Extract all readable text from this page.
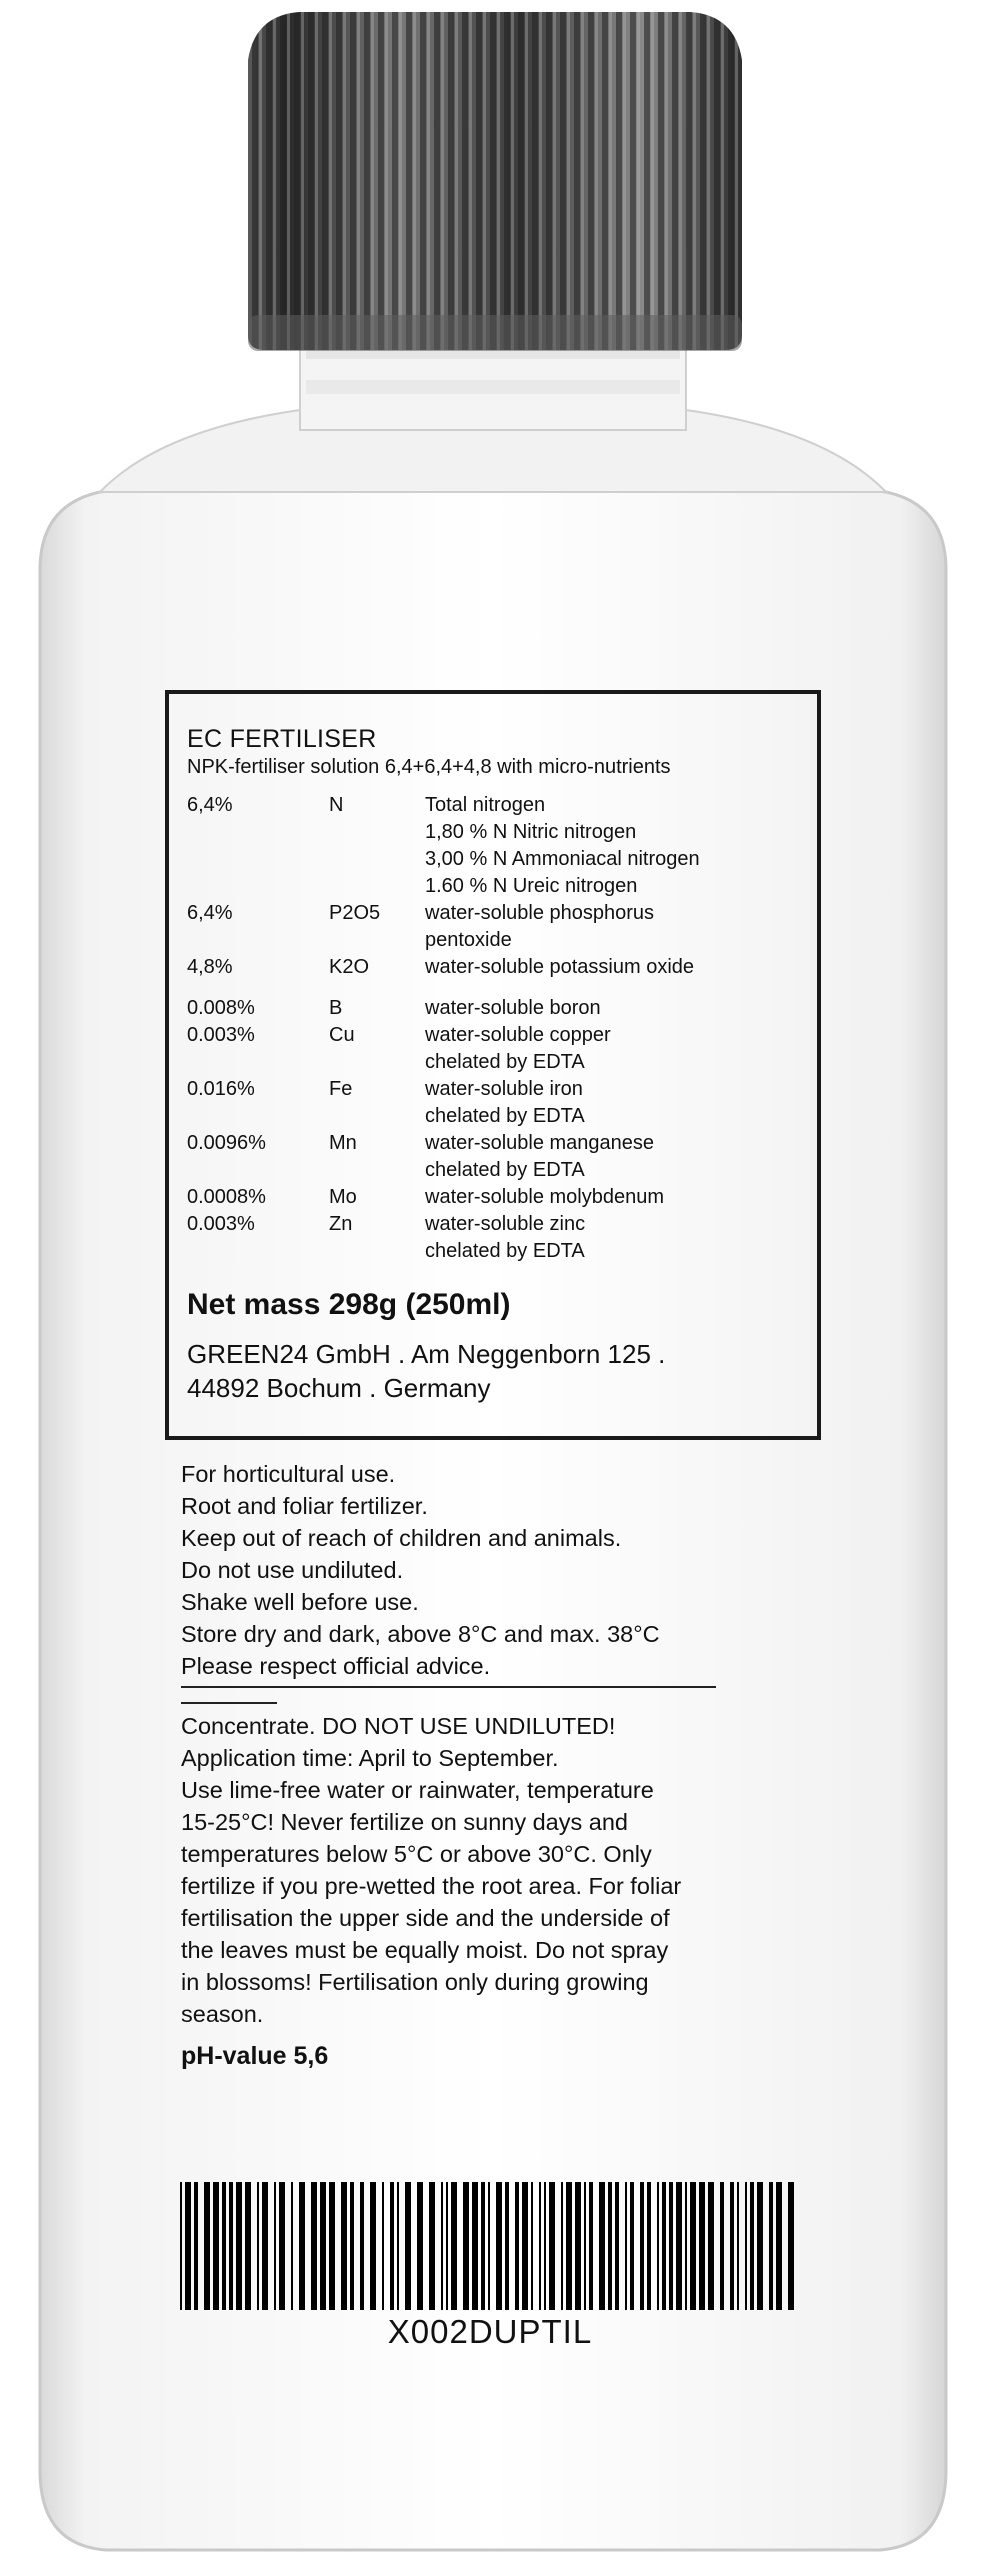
EC FERTILISER
NPK-fertiliser solution 6,4+6,4+4,8 with micro-nutrients
6,4%	N	Total nitrogen
1,80 % N Nitric nitrogen
3,00 % N Ammoniacal nitrogen
1.60 % N Ureic nitrogen
6,4%	P2O5	water-soluble phosphorus
pentoxide
4,8%	K2O	water-soluble potassium oxide
0.008%	B	water-soluble boron
0.003%	Cu	water-soluble copper
chelated by EDTA
0.016%	Fe	water-soluble iron
chelated by EDTA
0.0096%	Mn	water-soluble manganese
chelated by EDTA
0.0008%	Mo	water-soluble molybdenum
0.003%	Zn	water-soluble zinc
chelated by EDTA
Net mass 298g (250ml)
GREEN24 GmbH . Am Neggenborn 125 .
44892 Bochum . Germany
For horticultural use.
Root and foliar fertilizer.
Keep out of reach of children and animals.
Do not use undiluted.
Shake well before use.
Store dry and dark, above 8°C and max. 38°C
Please respect official advice.
Concentrate. DO NOT USE UNDILUTED!
Application time: April to September.
Use lime-free water or rainwater, temperature
15-25°C! Never fertilize on sunny days and
temperatures below 5°C or above 30°C. Only
fertilize if you pre-wetted the root area. For foliar
fertilisation the upper side and the underside of
the leaves must be equally moist. Do not spray
in blossoms! Fertilisation only during growing
season.
pH-value 5,6
X002DUPTIL
